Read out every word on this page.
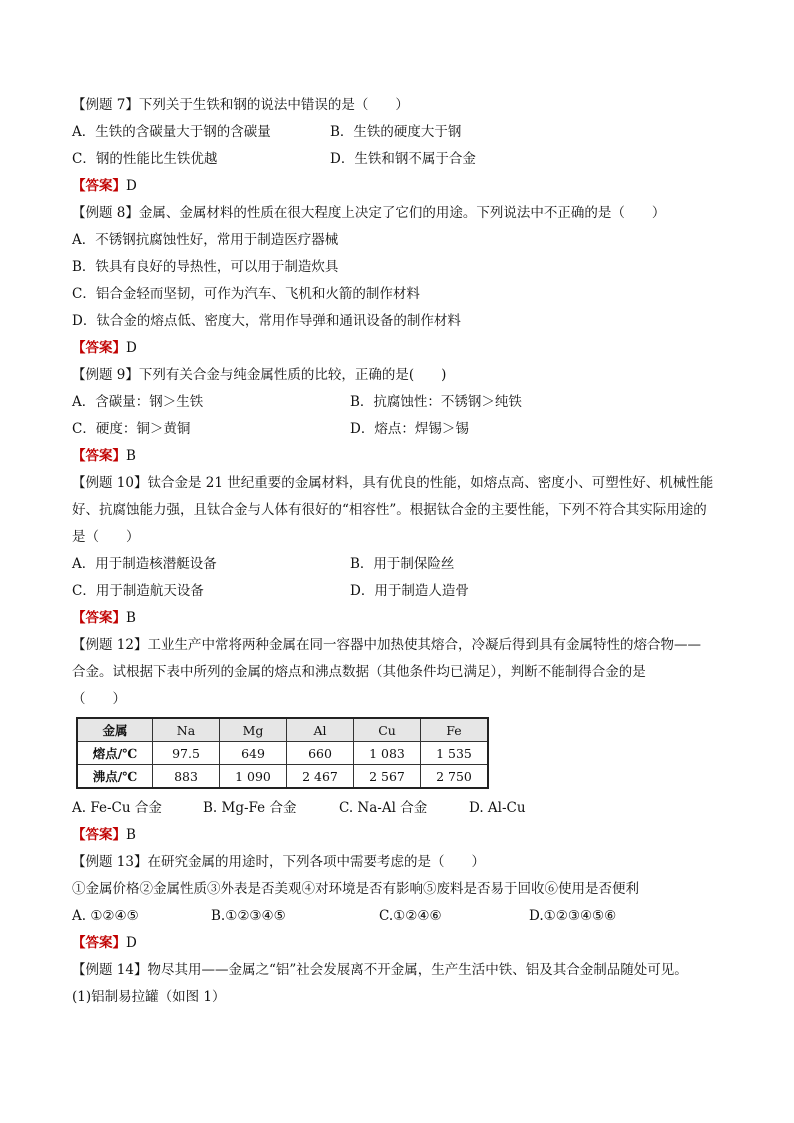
【例题 7】下列关于生铁和钢的说法中错误的是（　　）
A．生铁的含碳量大于钢的含碳量	B．生铁的硬度大于钢
C．钢的性能比生铁优越	D．生铁和钢不属于合金
【答案】D
【例题 8】金属、金属材料的性质在很大程度上决定了它们的用途。下列说法中不正确的是（　　）
A．不锈钢抗腐蚀性好，常用于制造医疗器械
B．铁具有良好的导热性，可以用于制造炊具
C．铝合金轻而坚韧，可作为汽车、飞机和火箭的制作材料
D．钛合金的熔点低、密度大，常用作导弹和通讯设备的制作材料
【答案】D
【例题 9】下列有关合金与纯金属性质的比较，正确的是(　　)
A．含碳量：钢＞生铁	B．抗腐蚀性：不锈钢＞纯铁
C．硬度：铜＞黄铜	D．熔点：焊锡＞锡
【答案】B
【例题 10】钛合金是 21 世纪重要的金属材料，具有优良的性能，如熔点高、密度小、可塑性好、机械性能
好、抗腐蚀能力强，且钛合金与人体有很好的“相容性”。根据钛合金的主要性能，下列不符合其实际用途的
是（　　）
A．用于制造核潜艇设备	B．用于制保险丝
C．用于制造航天设备	D．用于制造人造骨
【答案】B
【例题 12】工业生产中常将两种金属在同一容器中加热使其熔合，冷凝后得到具有金属特性的熔合物——
合金。试根据下表中所列的金属的熔点和沸点数据（其他条件均已满足），判断不能制得合金的是
（　　）
金属	Na	Mg	Al	Cu	Fe
熔点/℃	97.5	649	660	1 083	1 535
沸点/℃	883	1 090	2 467	2 567	2 750
A. Fe-Cu 合金	B. Mg-Fe 合金	C. Na-Al 合金	D. Al-Cu
【答案】B
【例题 13】在研究金属的用途时，下列各项中需要考虑的是（　　）
①金属价格②金属性质③外表是否美观④对环境是否有影响⑤废料是否易于回收⑥使用是否便利
A. ①②④⑤	B.①②③④⑤	C.①②④⑥	D.①②③④⑤⑥
【答案】D
【例题 14】物尽其用——金属之“铝”社会发展离不开金属，生产生活中铁、铝及其合金制品随处可见。
(1)铝制易拉罐（如图 1）
